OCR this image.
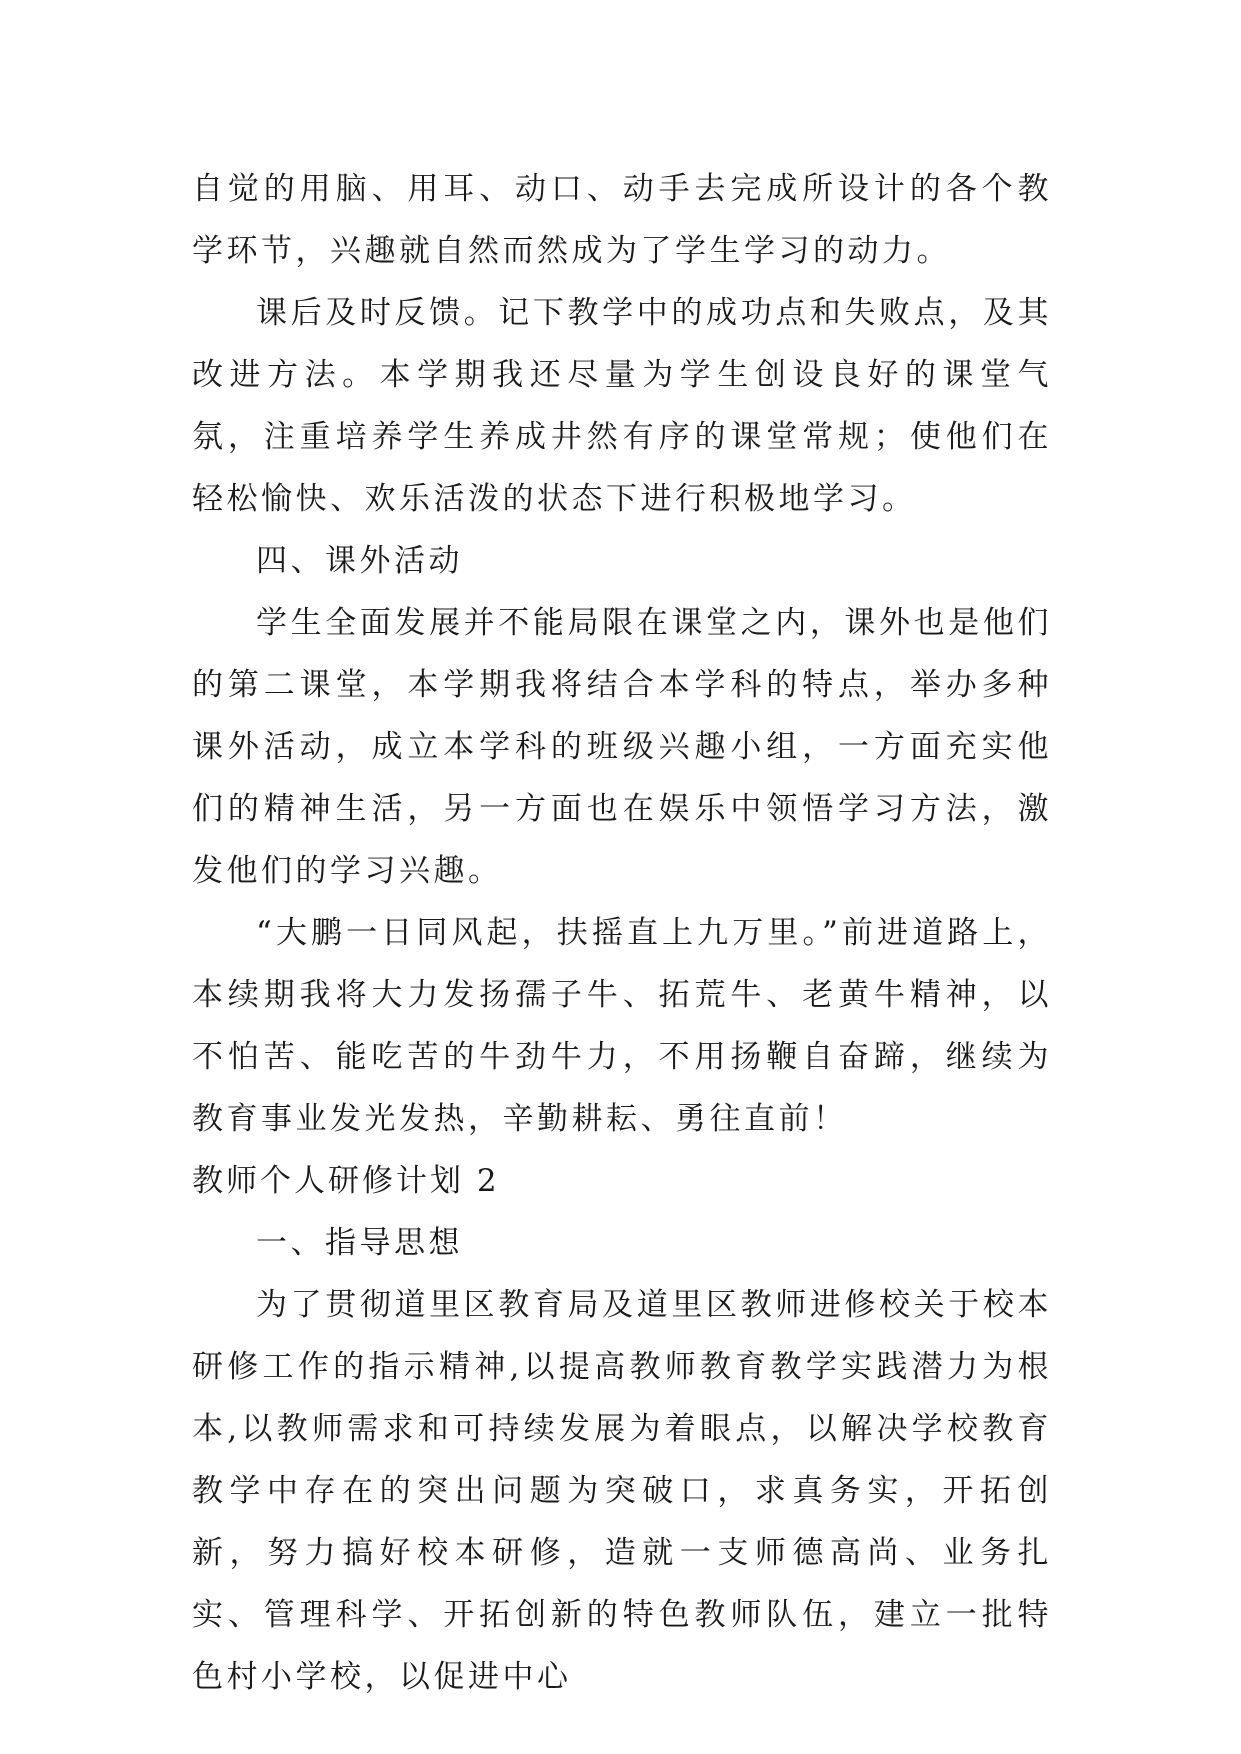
自觉的用脑、用耳、动口、动手去完成所设计的各个教学环节，兴趣就自然而然成为了学生学习的动力。

课后及时反馈。记下教学中的成功点和失败点，及其改进方法。本学期我还尽量为学生创设良好的课堂气氛，注重培养学生养成井然有序的课堂常规；使他们在轻松愉快、欢乐活泼的状态下进行积极地学习。

四、课外活动

学生全面发展并不能局限在课堂之内，课外也是他们的第二课堂，本学期我将结合本学科的特点，举办多种课外活动，成立本学科的班级兴趣小组，一方面充实他们的精神生活，另一方面也在娱乐中领悟学习方法，激发他们的学习兴趣。

“大鹏一日同风起，扶摇直上九万里。”前进道路上，本续期我将大力发扬孺子牛、拓荒牛、老黄牛精神，以不怕苦、能吃苦的牛劲牛力，不用扬鞭自奋蹄，继续为教育事业发光发热，辛勤耕耘、勇往直前！

教师个人研修计划 2

一、指导思想

为了贯彻道里区教育局及道里区教师进修校关于校本研修工作的指示精神,以提高教师教育教学实践潜力为根本,以教师需求和可持续发展为着眼点，以解决学校教育教学中存在的突出问题为突破口，求真务实，开拓创新，努力搞好校本研修，造就一支师德高尚、业务扎实、管理科学、开拓创新的特色教师队伍，建立一批特色村小学校，以促进中心
